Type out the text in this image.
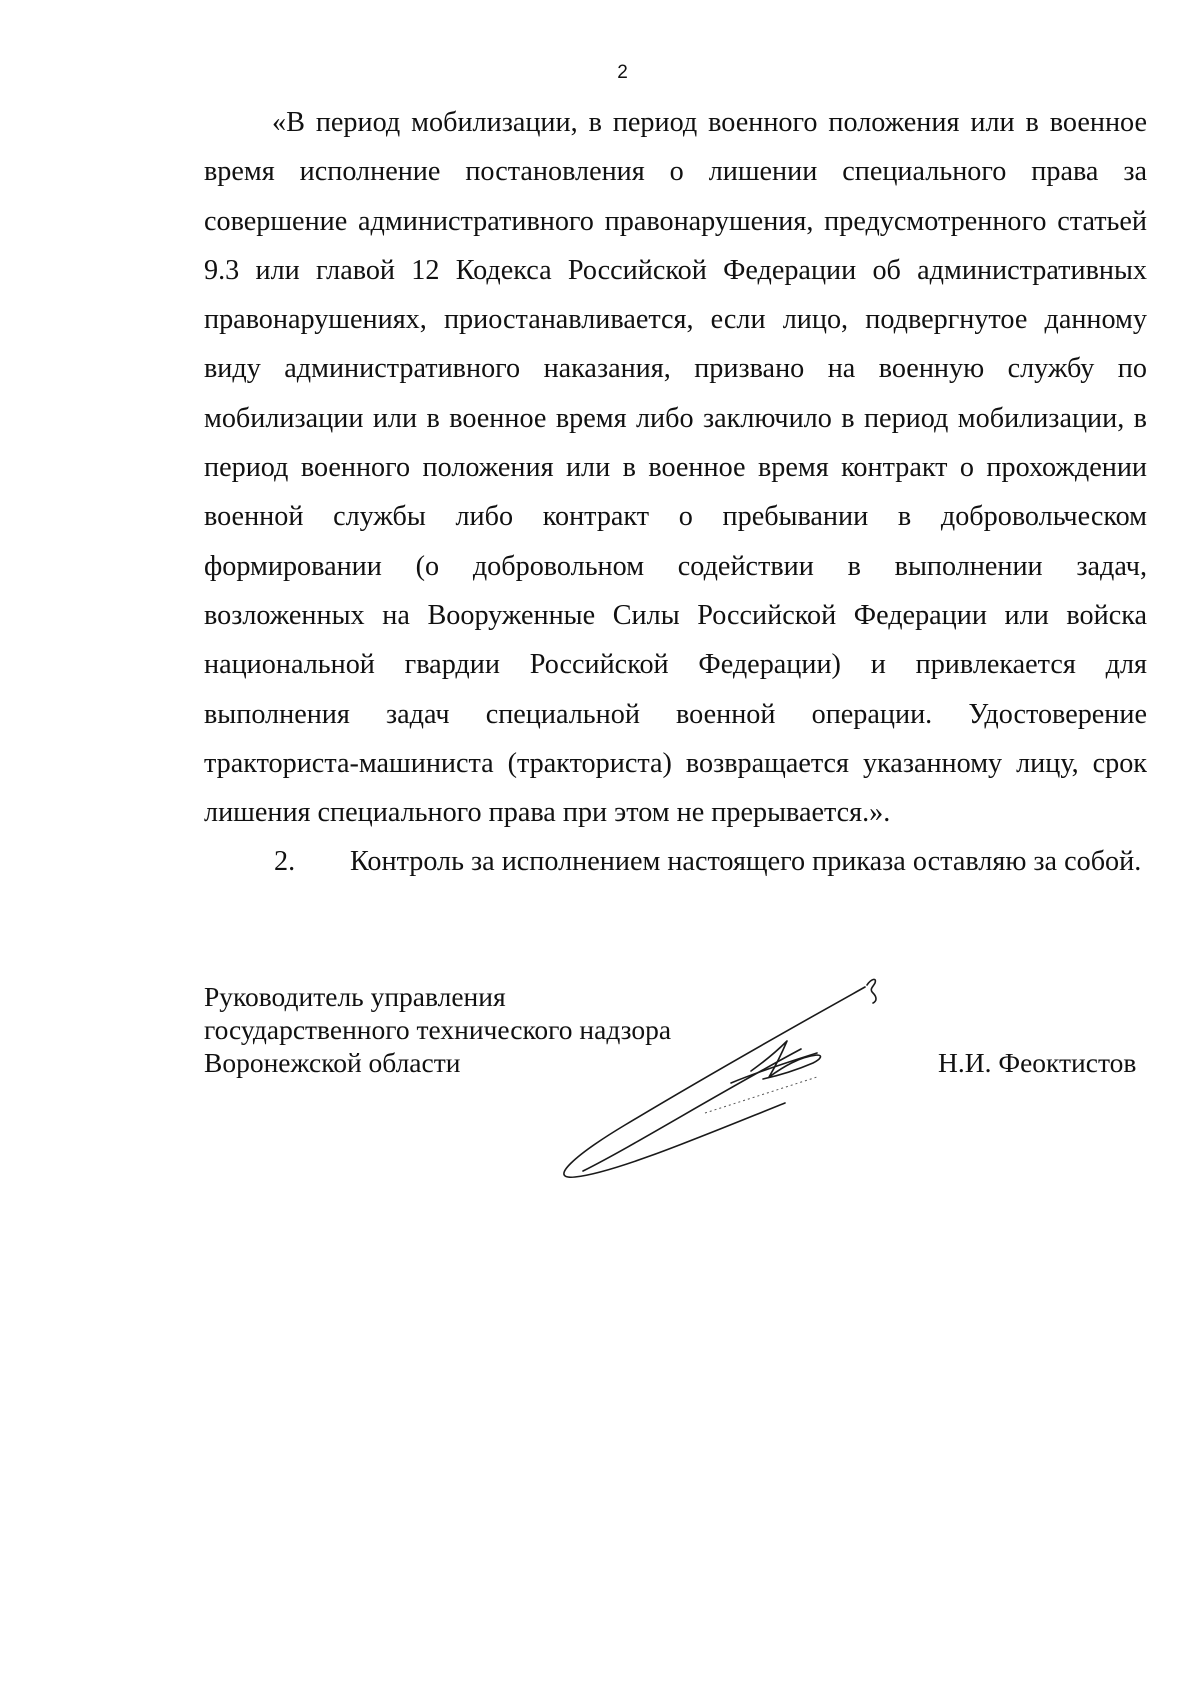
2

«В период мобилизации, в период военного положения или в военное время исполнение постановления о лишении специального права за совершение административного правонарушения, предусмотренного статьей 9.3 или главой 12 Кодекса Российской Федерации об административных правонарушениях, приостанавливается, если лицо, подвергнутое данному виду административного наказания, призвано на военную службу по мобилизации или в военное время либо заключило в период мобилизации, в период военного положения или в военное время контракт о прохождении военной службы либо контракт о пребывании в добровольческом формировании (о добровольном содействии в выполнении задач, возложенных на Вооруженные Силы Российской Федерации или войска национальной гвардии Российской Федерации) и привлекается для выполнения задач специальной военной операции. Удостоверение тракториста-машиниста (тракториста) возвращается указанному лицу, срок лишения специального права при этом не прерывается.».

2.	Контроль за исполнением настоящего приказа оставляю за собой.

Руководитель управления
государственного технического надзора
Воронежской области	Н.И. Феоктистов
